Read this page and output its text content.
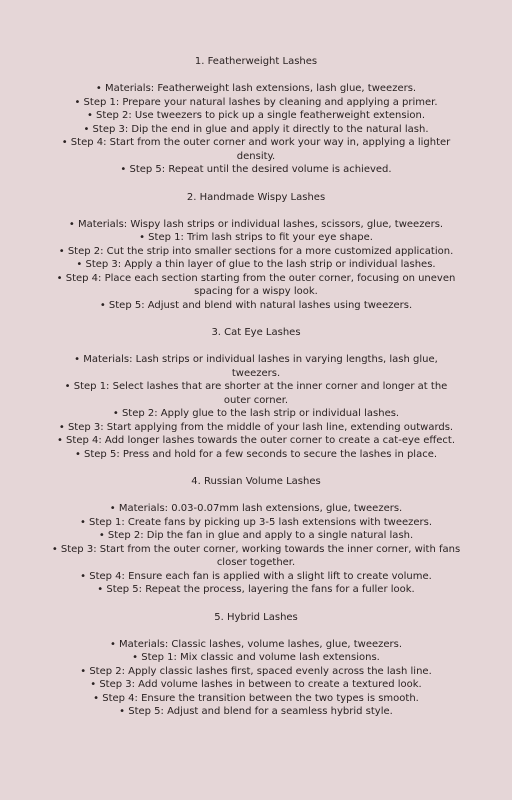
1. Featherweight Lashes
• Materials: Featherweight lash extensions, lash glue, tweezers.
• Step 1: Prepare your natural lashes by cleaning and applying a primer.
• Step 2: Use tweezers to pick up a single featherweight extension.
• Step 3: Dip the end in glue and apply it directly to the natural lash.
• Step 4: Start from the outer corner and work your way in, applying a lighter density.
• Step 5: Repeat until the desired volume is achieved.
2. Handmade Wispy Lashes
• Materials: Wispy lash strips or individual lashes, scissors, glue, tweezers.
• Step 1: Trim lash strips to fit your eye shape.
• Step 2: Cut the strip into smaller sections for a more customized application.
• Step 3: Apply a thin layer of glue to the lash strip or individual lashes.
• Step 4: Place each section starting from the outer corner, focusing on uneven spacing for a wispy look.
• Step 5: Adjust and blend with natural lashes using tweezers.
3. Cat Eye Lashes
• Materials: Lash strips or individual lashes in varying lengths, lash glue, tweezers.
• Step 1: Select lashes that are shorter at the inner corner and longer at the outer corner.
• Step 2: Apply glue to the lash strip or individual lashes.
• Step 3: Start applying from the middle of your lash line, extending outwards.
• Step 4: Add longer lashes towards the outer corner to create a cat-eye effect.
• Step 5: Press and hold for a few seconds to secure the lashes in place.
4. Russian Volume Lashes
• Materials: 0.03-0.07mm lash extensions, glue, tweezers.
• Step 1: Create fans by picking up 3-5 lash extensions with tweezers.
• Step 2: Dip the fan in glue and apply to a single natural lash.
• Step 3: Start from the outer corner, working towards the inner corner, with fans closer together.
• Step 4: Ensure each fan is applied with a slight lift to create volume.
• Step 5: Repeat the process, layering the fans for a fuller look.
5. Hybrid Lashes
• Materials: Classic lashes, volume lashes, glue, tweezers.
• Step 1: Mix classic and volume lash extensions.
• Step 2: Apply classic lashes first, spaced evenly across the lash line.
• Step 3: Add volume lashes in between to create a textured look.
• Step 4: Ensure the transition between the two types is smooth.
• Step 5: Adjust and blend for a seamless hybrid style.
